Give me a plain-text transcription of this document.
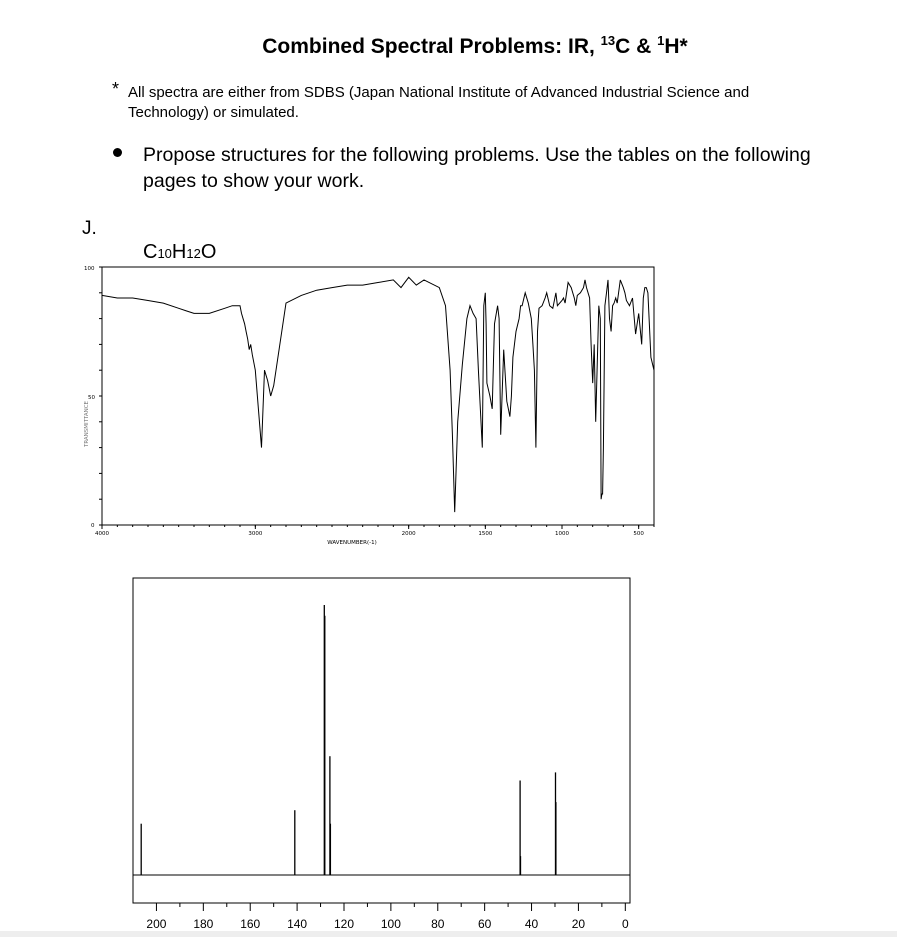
Combined Spectral Problems: IR, $^{13}$C & $^1$H*
* All spectra are either from SDBS (Japan National Institute of Advanced Industrial Science and Technology) or simulated.
Propose structures for the following problems. Use the tables on the following pages to show your work.
J.
C10H12O
100
50
0
WAVENUMBER(-1)
TRANSMITTANCE
4000	3000	2000	1500	1000	500
200 180 160 140 120 100	80	60	40	20	0
